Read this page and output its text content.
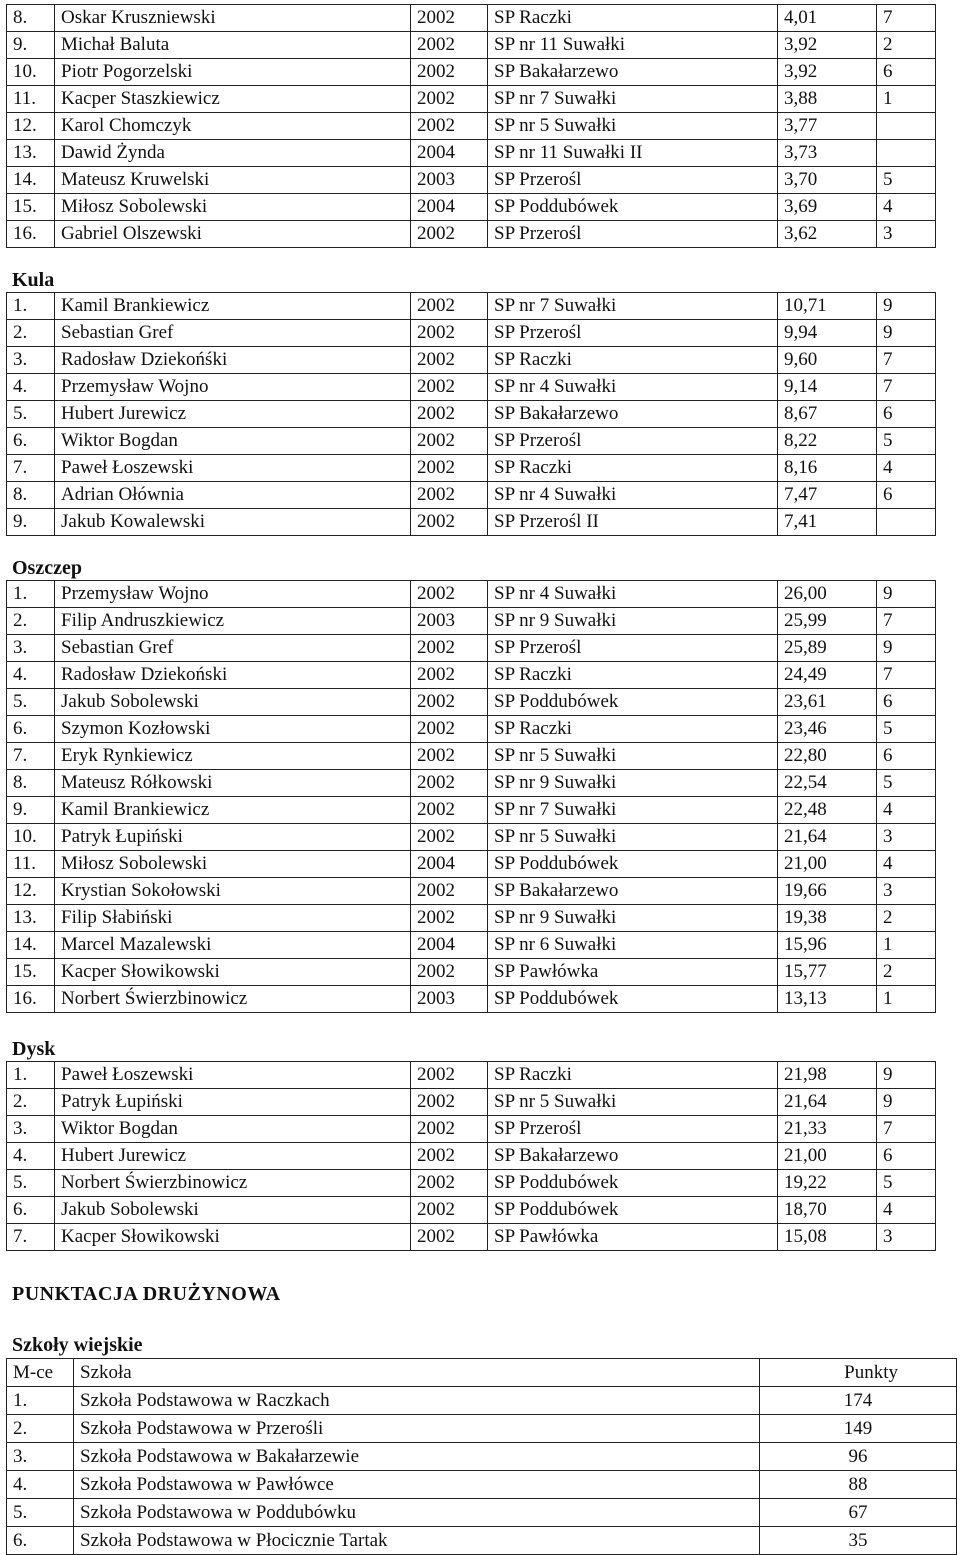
8.	Oskar Kruszniewski	2002	SP Raczki	4,01	7
9.	Michał Baluta	2002	SP nr 11 Suwałki	3,92	2
10.	Piotr Pogorzelski	2002	SP Bakałarzewo	3,92	6
11.	Kacper Staszkiewicz	2002	SP nr 7 Suwałki	3,88	1
12.	Karol Chomczyk	2002	SP nr 5 Suwałki	3,77	
13.	Dawid Żynda	2004	SP nr 11 Suwałki II	3,73	
14.	Mateusz Kruwelski	2003	SP Przerośl	3,70	5
15.	Miłosz Sobolewski	2004	SP Poddubówek	3,69	4
16.	Gabriel Olszewski	2002	SP Przerośl	3,62	3
Kula
1.	Kamil Brankiewicz	2002	SP nr 7 Suwałki	10,71	9
2.	Sebastian Gref	2002	SP Przerośl	9,94	9
3.	Radosław Dziekońśki	2002	SP Raczki	9,60	7
4.	Przemysław Wojno	2002	SP nr 4 Suwałki	9,14	7
5.	Hubert Jurewicz	2002	SP Bakałarzewo	8,67	6
6.	Wiktor Bogdan	2002	SP Przerośl	8,22	5
7.	Paweł Łoszewski	2002	SP Raczki	8,16	4
8.	Adrian Ołównia	2002	SP nr 4 Suwałki	7,47	6
9.	Jakub Kowalewski	2002	SP Przerośl II	7,41	
Oszczep
1.	Przemysław Wojno	2002	SP nr 4 Suwałki	26,00	9
2.	Filip Andruszkiewicz	2003	SP nr 9 Suwałki	25,99	7
3.	Sebastian Gref	2002	SP Przerośl	25,89	9
4.	Radosław Dziekoński	2002	SP Raczki	24,49	7
5.	Jakub Sobolewski	2002	SP Poddubówek	23,61	6
6.	Szymon Kozłowski	2002	SP Raczki	23,46	5
7.	Eryk Rynkiewicz	2002	SP nr 5 Suwałki	22,80	6
8.	Mateusz Rółkowski	2002	SP nr 9 Suwałki	22,54	5
9.	Kamil Brankiewicz	2002	SP nr 7 Suwałki	22,48	4
10.	Patryk Łupiński	2002	SP nr 5 Suwałki	21,64	3
11.	Miłosz Sobolewski	2004	SP Poddubówek	21,00	4
12.	Krystian Sokołowski	2002	SP Bakałarzewo	19,66	3
13.	Filip Słabiński	2002	SP nr 9 Suwałki	19,38	2
14.	Marcel Mazalewski	2004	SP nr 6 Suwałki	15,96	1
15.	Kacper Słowikowski	2002	SP Pawłówka	15,77	2
16.	Norbert Świerzbinowicz	2003	SP Poddubówek	13,13	1
Dysk
1.	Paweł Łoszewski	2002	SP Raczki	21,98	9
2.	Patryk Łupiński	2002	SP nr 5 Suwałki	21,64	9
3.	Wiktor Bogdan	2002	SP Przerośl	21,33	7
4.	Hubert Jurewicz	2002	SP Bakałarzewo	21,00	6
5.	Norbert Świerzbinowicz	2002	SP Poddubówek	19,22	5
6.	Jakub Sobolewski	2002	SP Poddubówek	18,70	4
7.	Kacper Słowikowski	2002	SP Pawłówka	15,08	3
PUNKTACJA DRUŻYNOWA
Szkoły wiejskie
M-ce	Szkoła	Punkty
1.	Szkoła Podstawowa w Raczkach	174
2.	Szkoła Podstawowa w Przerośli	149
3.	Szkoła Podstawowa w Bakałarzewie	96
4.	Szkoła Podstawowa w Pawłówce	88
5.	Szkoła Podstawowa w Poddubówku	67
6.	Szkoła Podstawowa w Płocicznie Tartak	35
